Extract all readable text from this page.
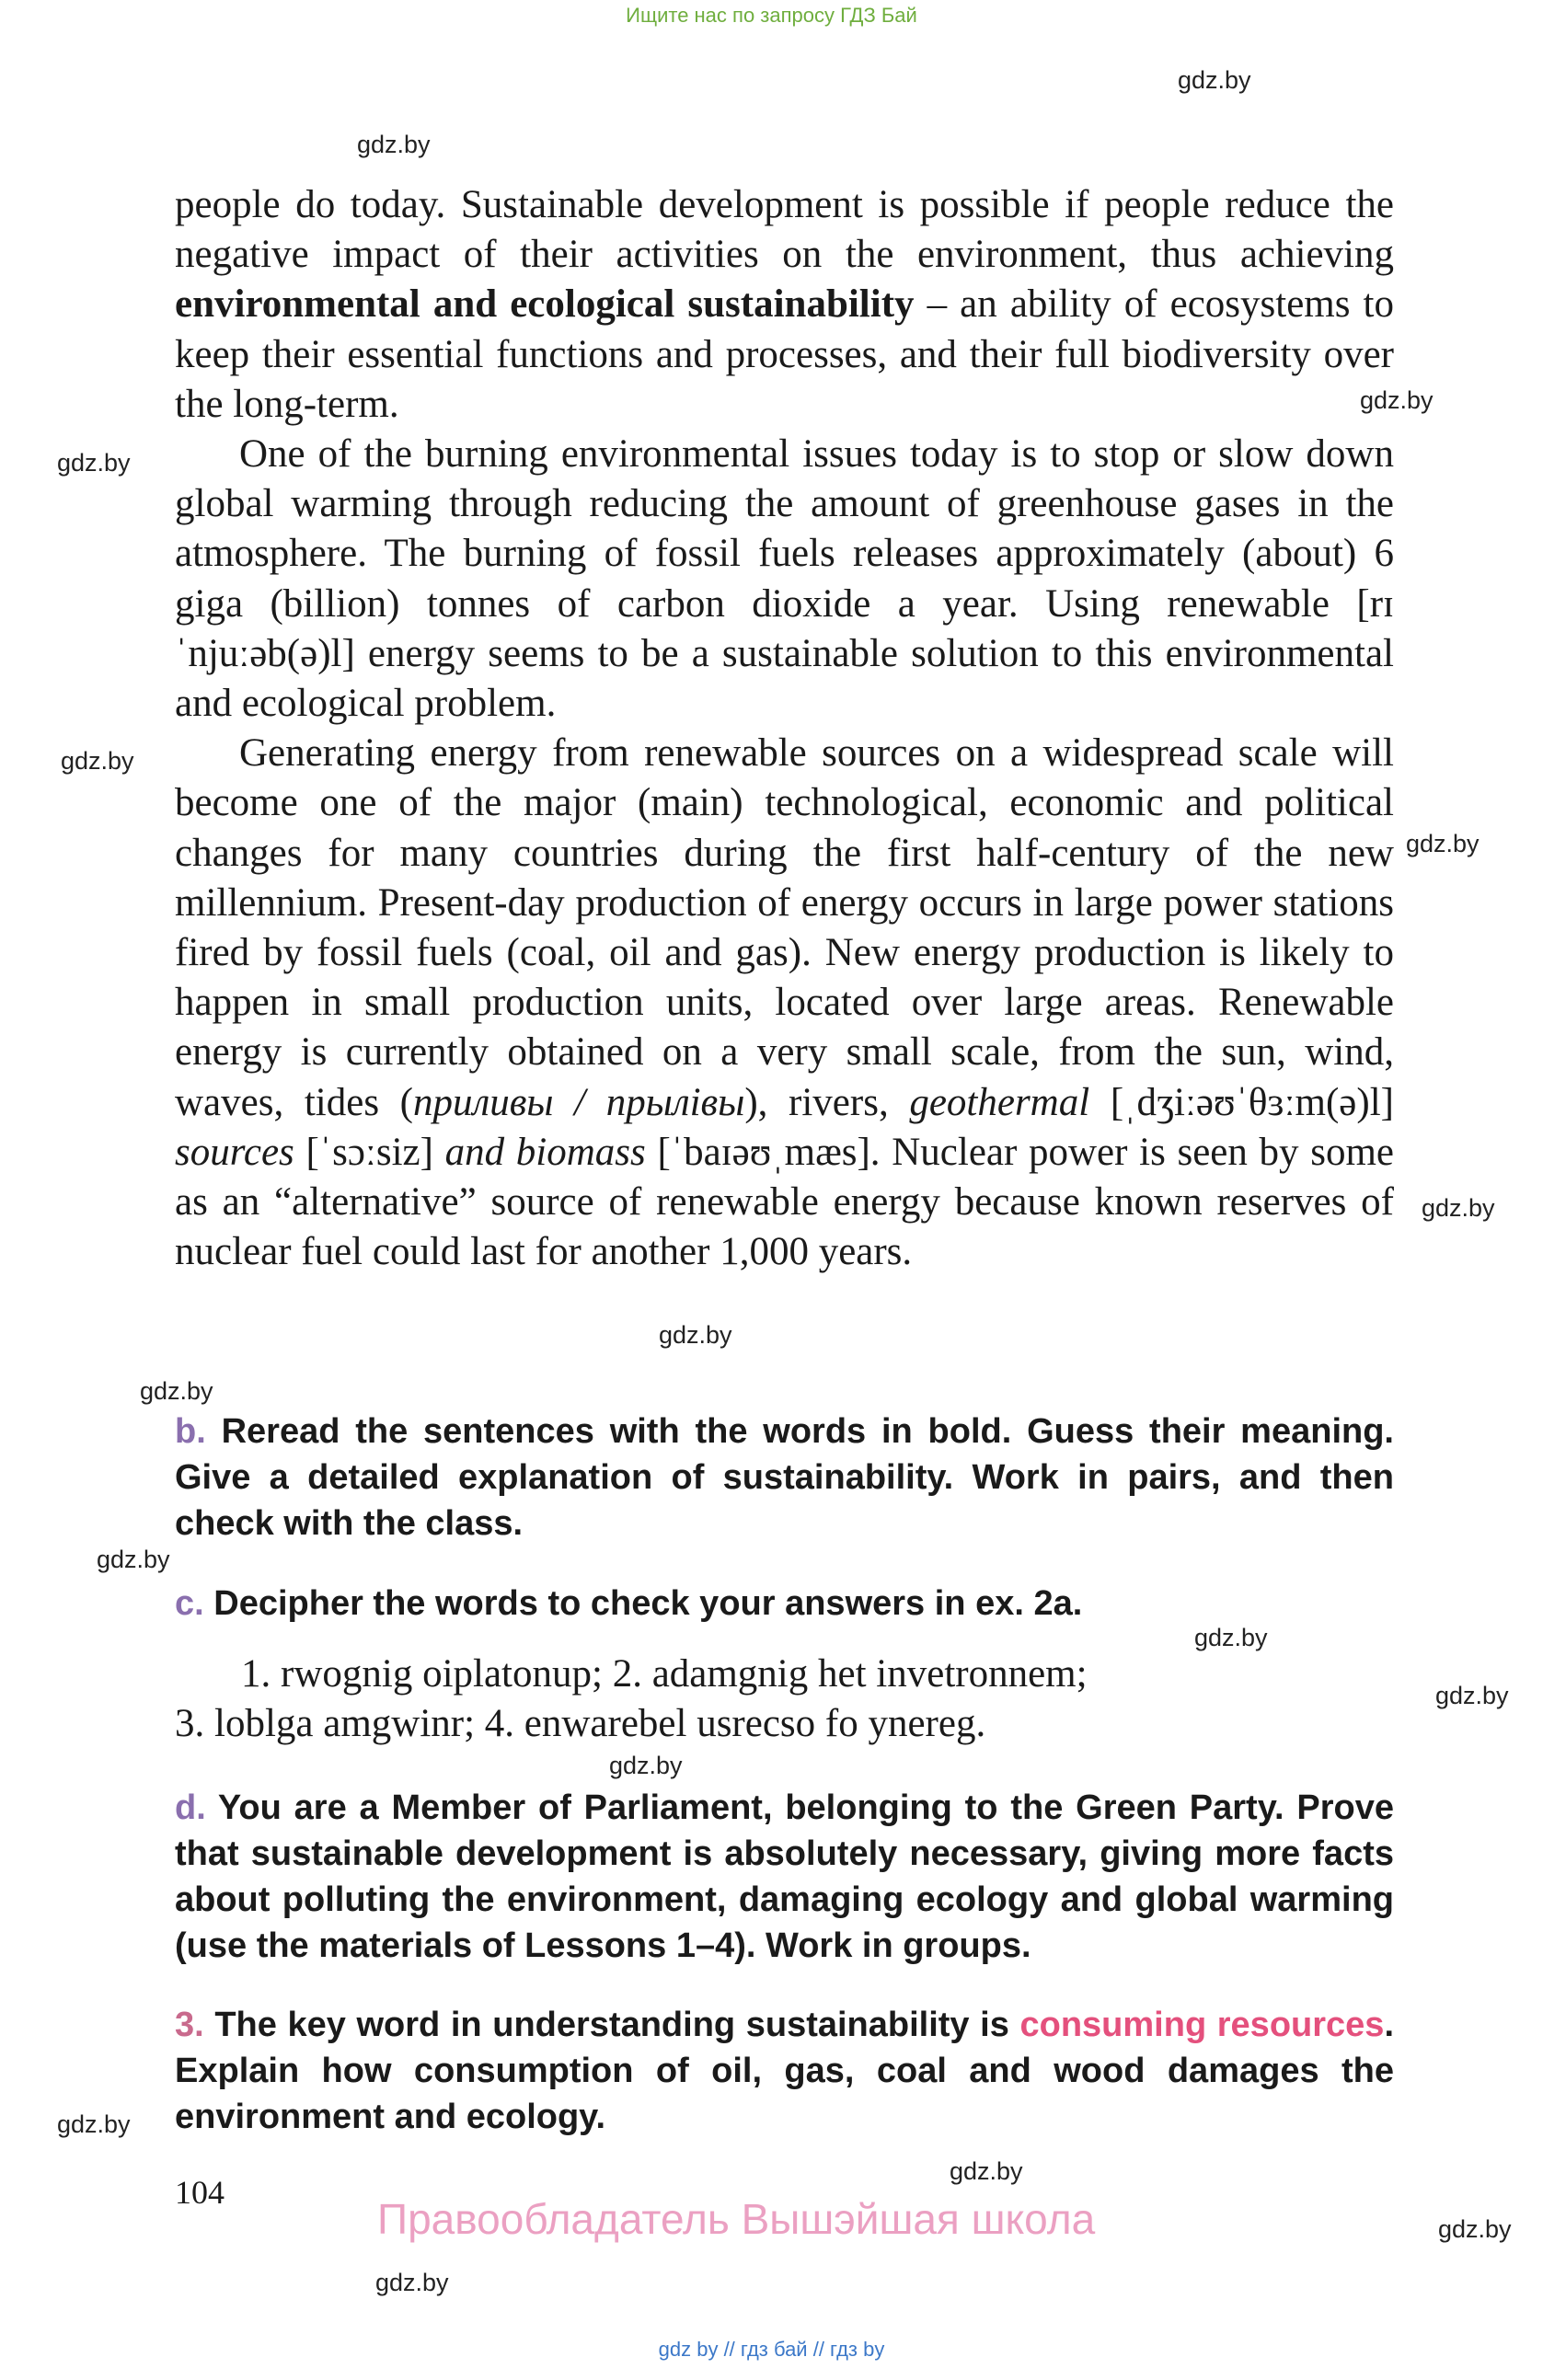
Ищите нас по запросу ГДЗ Бай
gdz.by
gdz.by
gdz.by
gdz.by
gdz.by
gdz.by
gdz.by
gdz.by
gdz.by
gdz.by
gdz.by
gdz.by
gdz.by
gdz.by
gdz.by
gdz.by
gdz.by

people do today. Sustainable development is possible if people reduce the negative impact of their activities on the environment, thus achieving environmental and ecological sustainability – an ability of ecosystems to keep their essential functions and processes, and their full biodiversity over the long-term.

One of the burning environmental issues today is to stop or slow down global warming through reducing the amount of greenhouse gases in the atmosphere. The burning of fossil fuels releases approximately (about) 6 giga (billion) tonnes of carbon dioxide a year. Using renewable [rɪˈnjuːəb(ə)l] energy seems to be a sustainable solution to this environmental and ecological problem.

Generating energy from renewable sources on a widespread scale will become one of the major (main) technological, economic and political changes for many countries during the first half-century of the new millennium. Present-day production of energy occurs in large power stations fired by fossil fuels (coal, oil and gas). New energy production is likely to happen in small production units, located over large areas. Renewable energy is currently obtained on a very small scale, from the sun, wind, waves, tides (приливы / прылівы), rivers, geothermal [ˌdʒiːəʊˈθɜːm(ə)l] sources [ˈsɔːsiz] and biomass [ˈbaɪəʊˌmæs]. Nuclear power is seen by some as an “alternative” source of renewable energy because known reserves of nuclear fuel could last for another 1,000 years.

b. Reread the sentences with the words in bold. Guess their meaning. Give a detailed explanation of sustainability. Work in pairs, and then check with the class.
c. Decipher the words to check your answers in ex. 2a.
1. rwognig oiplatonup; 2. adamgnig het invetronnem;
3. loblga amgwinr; 4. enwarebel usrecso fo ynereg.
d. You are a Member of Parliament, belonging to the Green Party. Prove that sustainable development is absolutely necessary, giving more facts about polluting the environment, damaging ecology and global warming (use the materials of Lessons 1–4). Work in groups.
3. The key word in understanding sustainability is consuming resources. Explain how consumption of oil, gas, coal and wood damages the environment and ecology.
104
Правообладатель Вышэйшая школа
gdz by // гдз бай // гдз by
